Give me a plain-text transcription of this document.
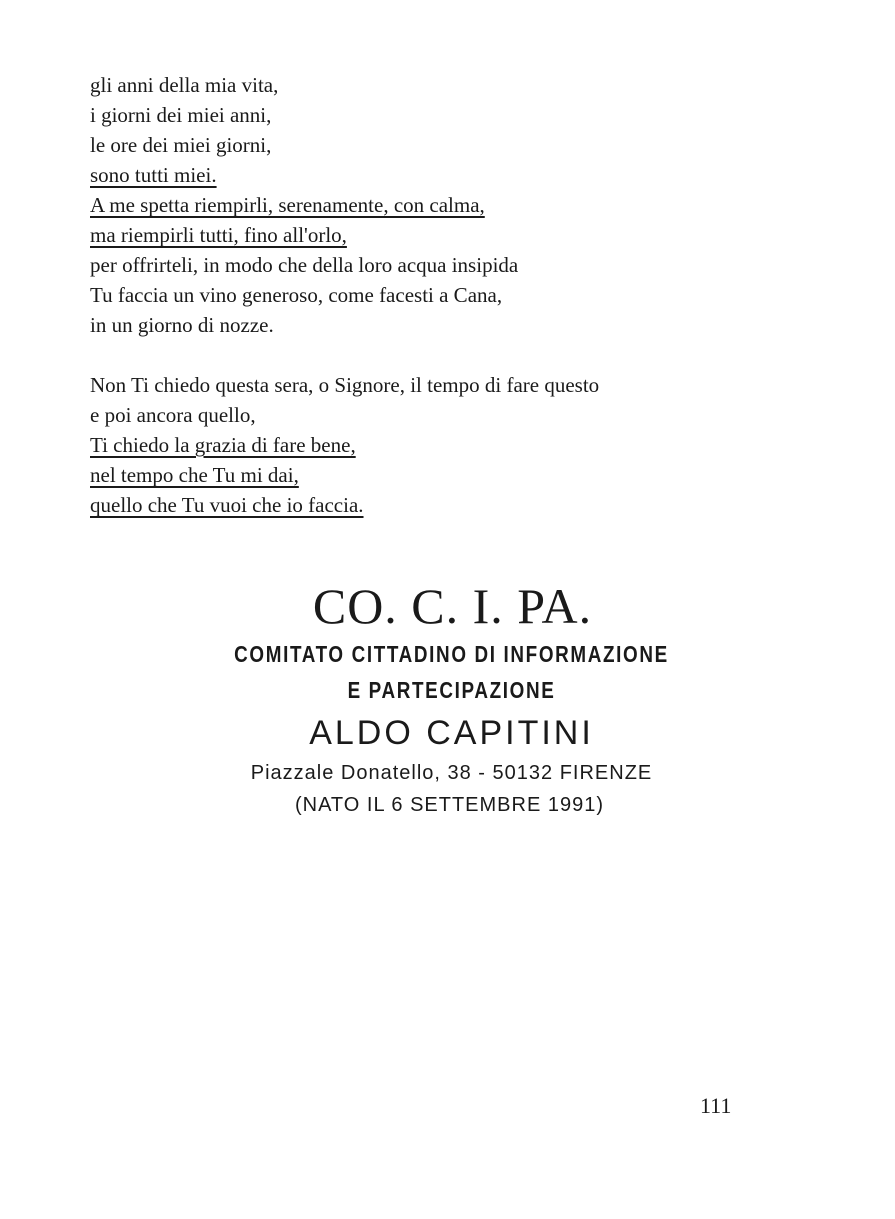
gli anni della mia vita,
i giorni dei miei anni,
le ore dei miei giorni,
sono tutti miei.
A me spetta riempirli, serenamente, con calma,
ma riempirli tutti, fino all'orlo,
per offrirteli, in modo che della loro acqua insipida
Tu faccia un vino generoso, come facesti a Cana,
in un giorno di nozze.
Non Ti chiedo questa sera, o Signore, il tempo di fare questo
e poi ancora quello,
Ti chiedo la grazia di fare bene,
nel tempo che Tu mi dai,
quello che Tu vuoi che io faccia.
CO. C. I. PA.
COMITATO CITTADINO DI INFORMAZIONE
E PARTECIPAZIONE
ALDO CAPITINI
Piazzale Donatello, 38 - 50132 FIRENZE
(NATO IL 6 SETTEMBRE 1991)
111
